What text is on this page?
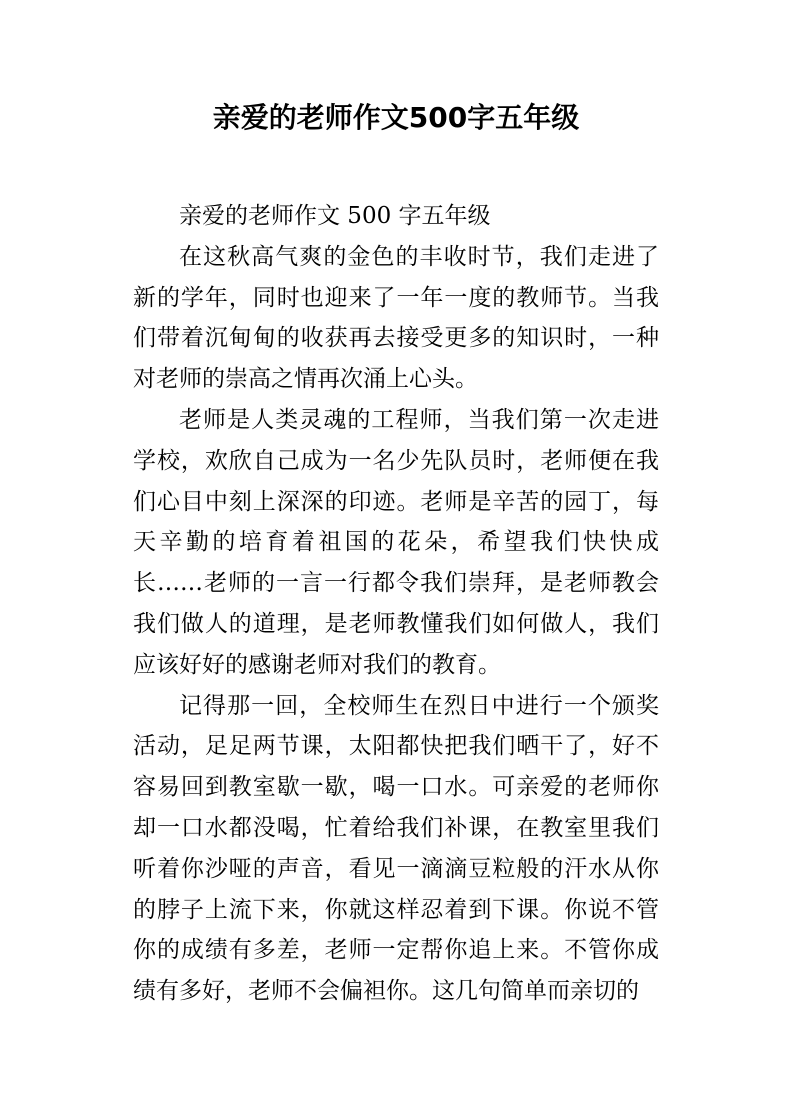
亲爱的老师作文500字五年级

亲爱的老师作文 500 字五年级

在这秋高气爽的金色的丰收时节，我们走进了新的学年，同时也迎来了一年一度的教师节。当我们带着沉甸甸的收获再去接受更多的知识时，一种对老师的崇高之情再次涌上心头。

老师是人类灵魂的工程师，当我们第一次走进学校，欢欣自己成为一名少先队员时，老师便在我们心目中刻上深深的印迹。老师是辛苦的园丁，每天辛勤的培育着祖国的花朵，希望我们快快成长……老师的一言一行都令我们崇拜，是老师教会我们做人的道理，是老师教懂我们如何做人，我们应该好好的感谢老师对我们的教育。

记得那一回，全校师生在烈日中进行一个颁奖活动，足足两节课，太阳都快把我们晒干了，好不容易回到教室歇一歇，喝一口水。可亲爱的老师你却一口水都没喝，忙着给我们补课，在教室里我们听着你沙哑的声音，看见一滴滴豆粒般的汗水从你的脖子上流下来，你就这样忍着到下课。你说不管你的成绩有多差，老师一定帮你追上来。不管你成绩有多好，老师不会偏袒你。这几句简单而亲切的
